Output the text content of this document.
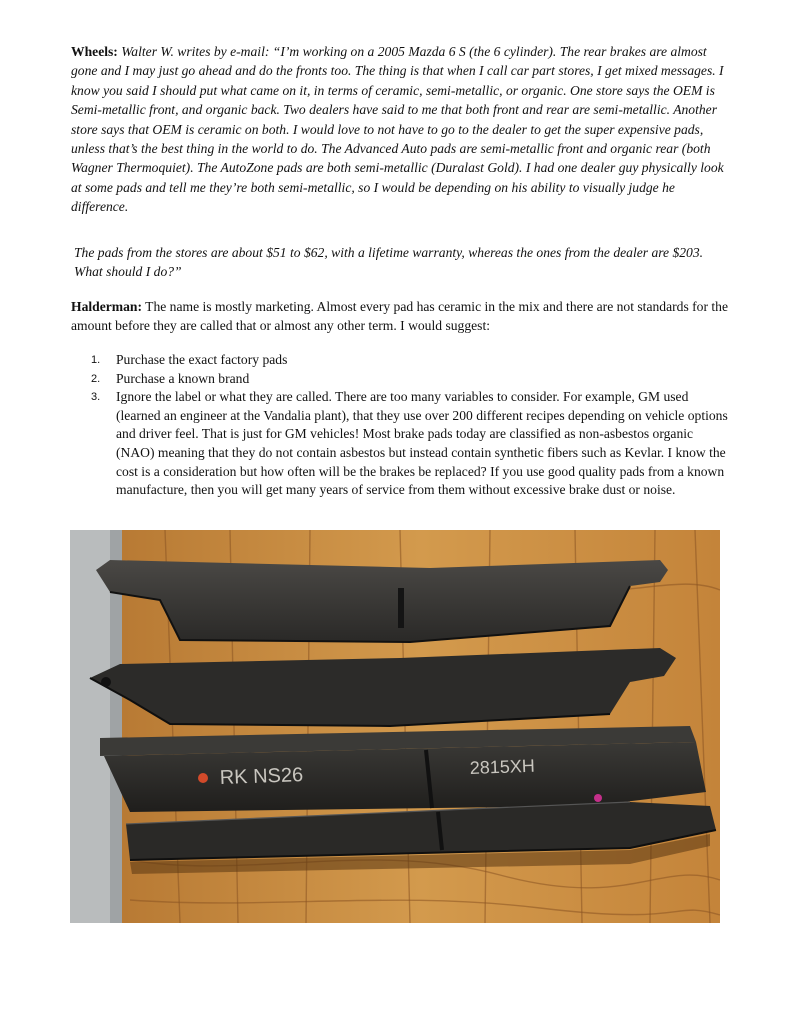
Wheels: Walter W. writes by e-mail: “I’m working on a 2005 Mazda 6 S (the 6 cylinder). The rear brakes are almost gone and I may just go ahead and do the fronts too. The thing is that when I call car part stores, I get mixed messages. I know you said I should put what came on it, in terms of ceramic, semi-metallic, or organic. One store says the OEM is Semi-metallic front, and organic back. Two dealers have said to me that both front and rear are semi-metallic. Another store says that OEM is ceramic on both. I would love to not have to go to the dealer to get the super expensive pads, unless that’s the best thing in the world to do. The Advanced Auto pads are semi-metallic front and organic rear (both Wagner Thermoquiet). The AutoZone pads are both semi-metallic (Duralast Gold). I had one dealer guy physically look at some pads and tell me they’re both semi-metallic, so I would be depending on his ability to visually judge he difference.

The pads from the stores are about $51 to $62, with a lifetime warranty, whereas the ones from the dealer are $203. What should I do?”

Halderman: The name is mostly marketing. Almost every pad has ceramic in the mix and there are not standards for the amount before they are called that or almost any other term. I would suggest:

1. Purchase the exact factory pads
2. Purchase a known brand
3. Ignore the label or what they are called. There are too many variables to consider. For example, GM used (learned an engineer at the Vandalia plant), that they use over 200 different recipes depending on vehicle options and driver feel. That is just for GM vehicles! Most brake pads today are classified as non-asbestos organic (NAO) meaning that they do not contain asbestos but instead contain synthetic fibers such as Kevlar. I know the cost is a consideration but how often will be the brakes be replaced? If you use good quality pads from a known manufacture, then you will get many years of service from them without excessive brake dust or noise.
RK NS26	2815XH
